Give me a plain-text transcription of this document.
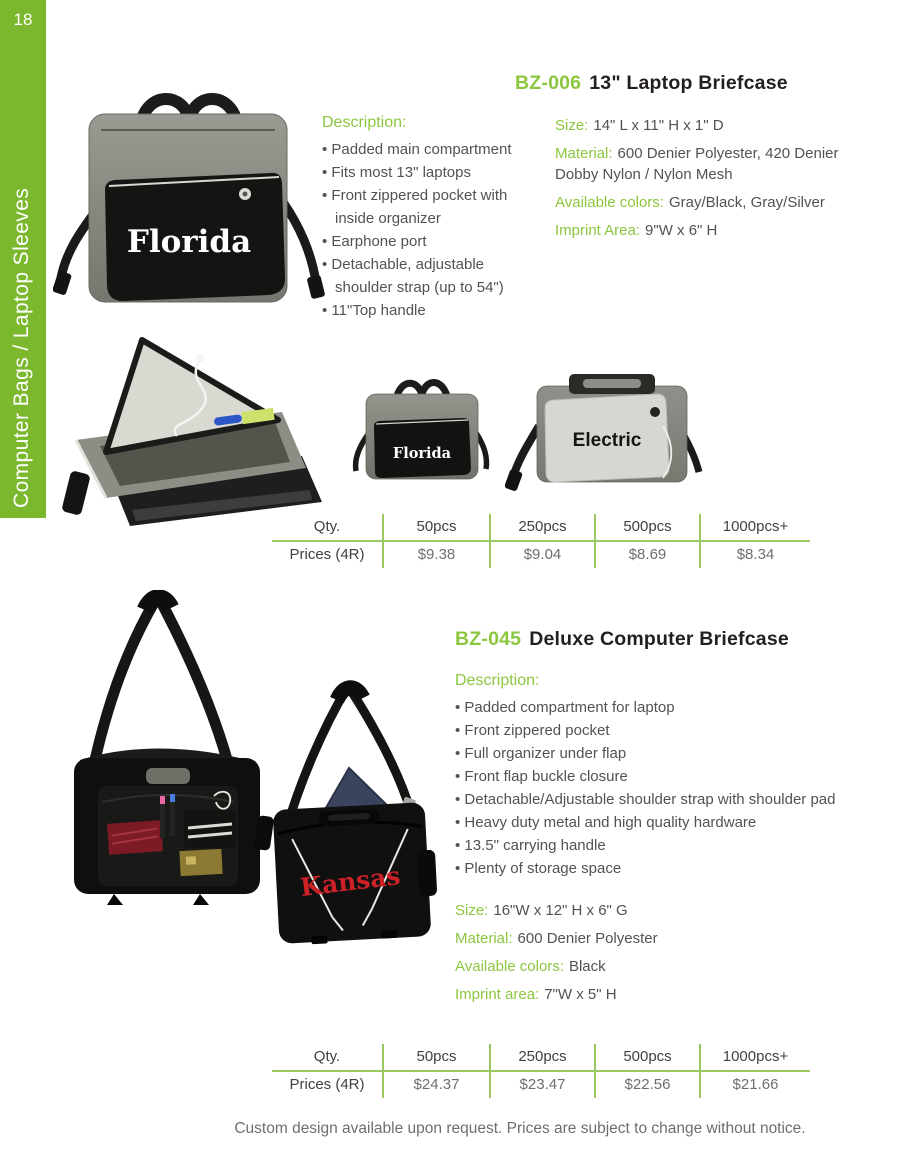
18
Computer Bags / Laptop Sleeves
BZ-006 13" Laptop Briefcase
Florida

Description:

• Padded main compartment
• Fits most 13" laptops
• Front zippered pocket with inside organizer
• Earphone port
• Detachable, adjustable shoulder strap (up to 54")
• 11"Top handle
Size: 14" L x 11" H x 1" D
Material: 600 Denier Polyester, 420 Denier Dobby Nylon / Nylon Mesh
Available colors: Gray/Black, Gray/Silver
Imprint Area: 9"W x 6" H
Florida
Electric
Qty.	50pcs	250pcs	500pcs	1000pcs+
Prices (4R)	$9.38	$9.04	$8.69	$8.34
BZ-045 Deluxe Computer Briefcase
Kansas

Description:

• Padded compartment for laptop
• Front zippered pocket
• Full organizer under flap
• Front flap buckle closure
• Detachable/Adjustable shoulder strap with shoulder pad
• Heavy duty metal and high quality hardware
• 13.5" carrying handle
• Plenty of storage space
Size: 16"W x 12" H x 6" G
Material: 600 Denier Polyester
Available colors: Black
Imprint area: 7"W x 5" H
Qty.	50pcs	250pcs	500pcs	1000pcs+
Prices (4R)	$24.37	$23.47	$22.56	$21.66
Custom design available upon request. Prices are subject to change without notice.
